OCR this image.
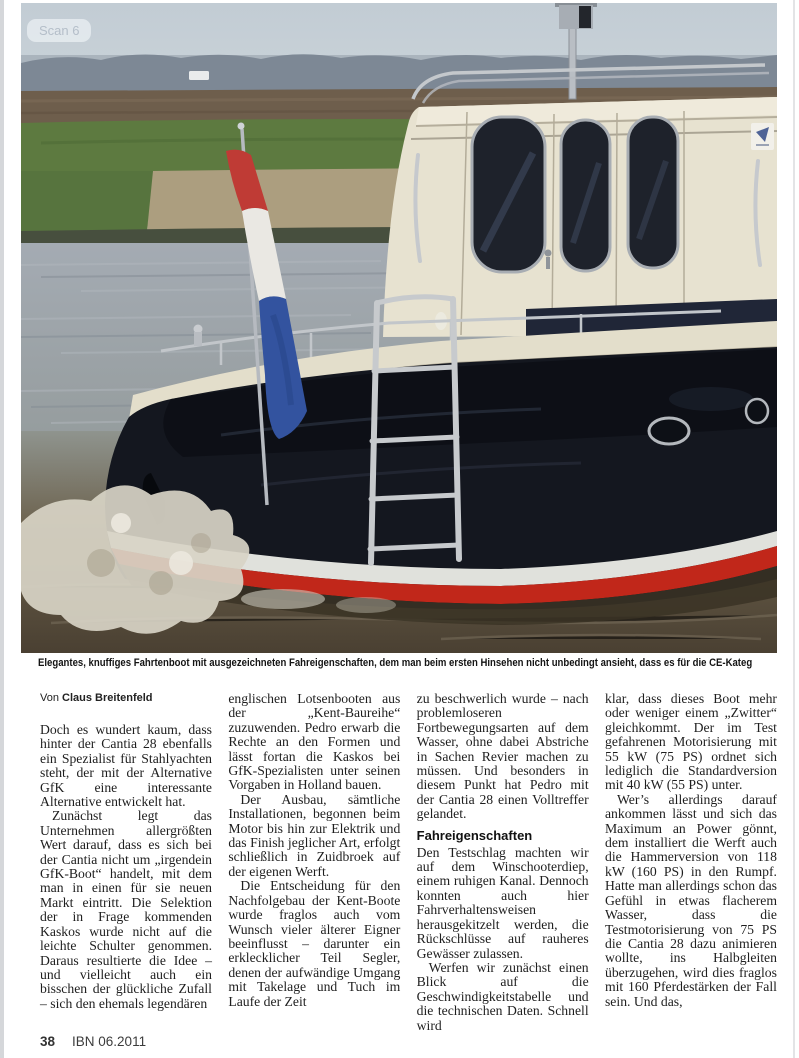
Scan 6
Elegantes, knuffiges Fahrtenboot mit ausgezeichneten Fahreigenschaften, dem man beim ersten Hinsehen nicht unbedingt ansieht, dass es für die CE-Kateg
Von Claus Breitenfeld

Doch es wundert kaum, dass hinter der Cantia 28 ebenfalls ein Spezialist für Stahlyachten steht, der mit der Alternative GfK eine interessante Alternative entwickelt hat.

Zunächst legt das Unternehmen allergrößten Wert darauf, dass es sich bei der Cantia nicht um „irgendein GfK-Boot“ handelt, mit dem man in einen für sie neuen Markt eintritt. Die Selektion der in Frage kommenden Kaskos wurde nicht auf die leichte Schulter genommen. Daraus resultierte die Idee – und vielleicht auch ein bisschen der glückliche Zufall – sich den ehemals legendären

englischen Lotsenbooten aus der „Kent-Baureihe“ zuzuwenden. Pedro erwarb die Rechte an den Formen und lässt fortan die Kaskos bei GfK-Spezialisten unter seinen Vorgaben in Holland bauen.

Der Ausbau, sämtliche Installationen, begonnen beim Motor bis hin zur Elektrik und das Finish jeglicher Art, erfolgt schließlich in Zuidbroek auf der eigenen Werft.

Die Entscheidung für den Nachfolgebau der Kent-Boote wurde fraglos auch vom Wunsch vieler älterer Eigner beeinflusst – darunter ein erklecklicher Teil Segler, denen der aufwändige Umgang mit Takelage und Tuch im Laufe der Zeit

zu beschwerlich wurde – nach problemloseren Fortbewegungsarten auf dem Wasser, ohne dabei Abstriche in Sachen Revier machen zu müssen. Und besonders in diesem Punkt hat Pedro mit der Cantia 28 einen Volltreffer gelandet.

Fahreigenschaften

Den Testschlag machten wir auf dem Winschooterdiep, einem ruhigen Kanal. Dennoch konnten auch hier Fahrverhaltensweisen herausgekitzelt werden, die Rückschlüsse auf rauheres Gewässer zulassen.

Werfen wir zunächst einen Blick auf die Geschwindigkeitstabelle und die technischen Daten. Schnell wird

klar, dass dieses Boot mehr oder weniger einem „Zwitter“ gleichkommt. Der im Test gefahrenen Motorisierung mit 55 kW (75 PS) ordnet sich lediglich die Standardversion mit 40 kW (55 PS) unter.

Wer’s allerdings darauf ankommen lässt und sich das Maximum an Power gönnt, dem installiert die Werft auch die Hammerversion von 118 kW (160 PS) in den Rumpf. Hatte man allerdings schon das Gefühl in etwas flacherem Wasser, dass die Testmotorisierung von 75 PS die Cantia 28 dazu animieren wollte, ins Halbgleiten überzugehen, wird dies fraglos mit 160 Pferdestärken der Fall sein. Und das,

38 IBN 06.2011
